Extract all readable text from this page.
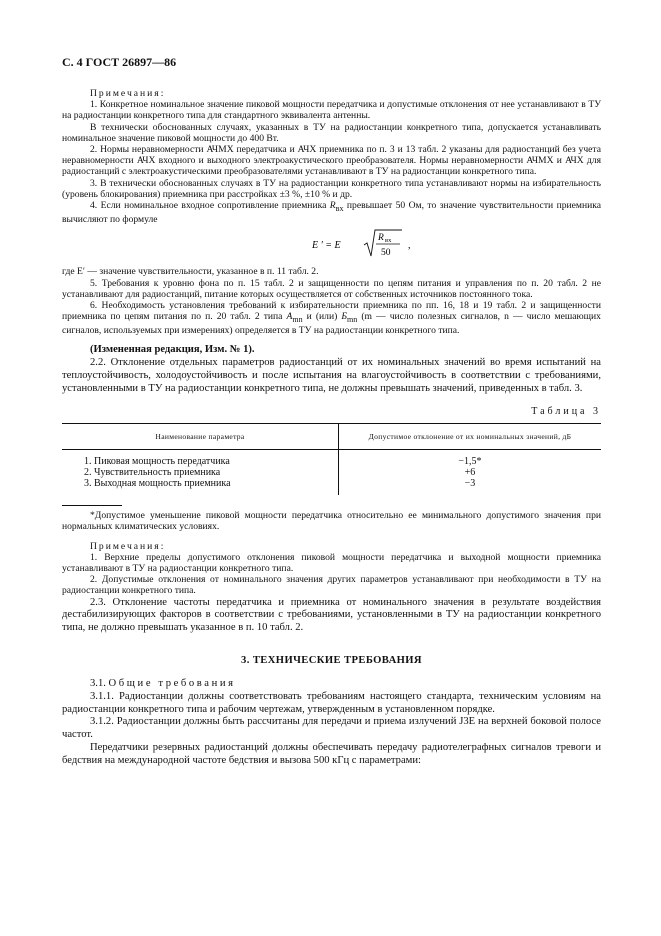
С. 4 ГОСТ 26897—86

Примечания:

1. Конкретное номинальное значение пиковой мощности передатчика и допустимые отклонения от нее устанавливают в ТУ на радиостанции конкретного типа для стандартного эквивалента антенны.

В технически обоснованных случаях, указанных в ТУ на радиостанции конкретного типа, допускается устанавливать номинальное значение пиковой мощности до 400 Вт.

2. Нормы неравномерности АЧМХ передатчика и АЧХ приемника по п. 3 и 13 табл. 2 указаны для радиостанций без учета неравномерности АЧХ входного и выходного электроакустического преобразователя. Нормы неравномерности АЧМХ и АЧХ для радиостанций с электроакустическими преобразователями устанавливают в ТУ на радиостанции конкретного типа.

3. В технически обоснованных случаях в ТУ на радиостанции конкретного типа устанавливают нормы на избирательность (уровень блокирования) приемника при расстройках ±3 %, ±10 % и др.

4. Если номинальное входное сопротивление приемника $R_{вх}$ превышает 50 Ом, то значение чувствительности приемника вычисляют по формуле

E ′ = E
R вх
50
,

где E′ — значение чувствительности, указанное в п. 11 табл. 2.

5. Требования к уровню фона по п. 15 табл. 2 и защищенности по цепям питания и управления по п. 20 табл. 2 не устанавливают для радиостанций, питание которых осуществляется от собственных источников постоянного тока.

6. Необходимость установления требований к избирательности приемника по пп. 16, 18 и 19 табл. 2 и защищенности приемника по цепям питания по п. 20 табл. 2 типа $A_{mn}$ и (или) $Б_{mn}$ (m — число полезных сигналов, n — число мешающих сигналов, используемых при измерениях) определяется в ТУ на радиостанции конкретного типа.

(Измененная редакция, Изм. № 1).

2.2. Отклонение отдельных параметров радиостанций от их номинальных значений во время испытаний на теплоустойчивость, холодоустойчивость и после испытания на влагоустойчивость в соответствии с требованиями, установленными в ТУ на радиостанции конкретного типа, не должны превышать значений, приведенных в табл. 3.

Таблица 3
Наименование параметра	Допустимое отклонение от их номинальных значений, дБ
1. Пиковая мощность передатчика	−1,5*
2. Чувствительность приемника	+6
3. Выходная мощность приемника	−3

*Допустимое уменьшение пиковой мощности передатчика относительно ее минимального допустимого значения при нормальных климатических условиях.

Примечания:

1. Верхние пределы допустимого отклонения пиковой мощности передатчика и выходной мощности приемника устанавливают в ТУ на радиостанции конкретного типа.

2. Допустимые отклонения от номинального значения других параметров устанавливают при необходимости в ТУ на радиостанции конкретного типа.

2.3. Отклонение частоты передатчика и приемника от номинального значения в результате воздействия дестабилизирующих факторов в соответствии с требованиями, установленными в ТУ на радиостанции конкретного типа, не должно превышать указанное в п. 10 табл. 2.

3. ТЕХНИЧЕСКИЕ ТРЕБОВАНИЯ

3.1. Общие требования

3.1.1. Радиостанции должны соответствовать требованиям настоящего стандарта, техническим условиям на радиостанции конкретного типа и рабочим чертежам, утвержденным в установленном порядке.

3.1.2. Радиостанции должны быть рассчитаны для передачи и приема излучений J3E на верхней боковой полосе частот.

Передатчики резервных радиостанций должны обеспечивать передачу радиотелеграфных сигналов тревоги и бедствия на международной частоте бедствия и вызова 500 кГц с параметрами:
